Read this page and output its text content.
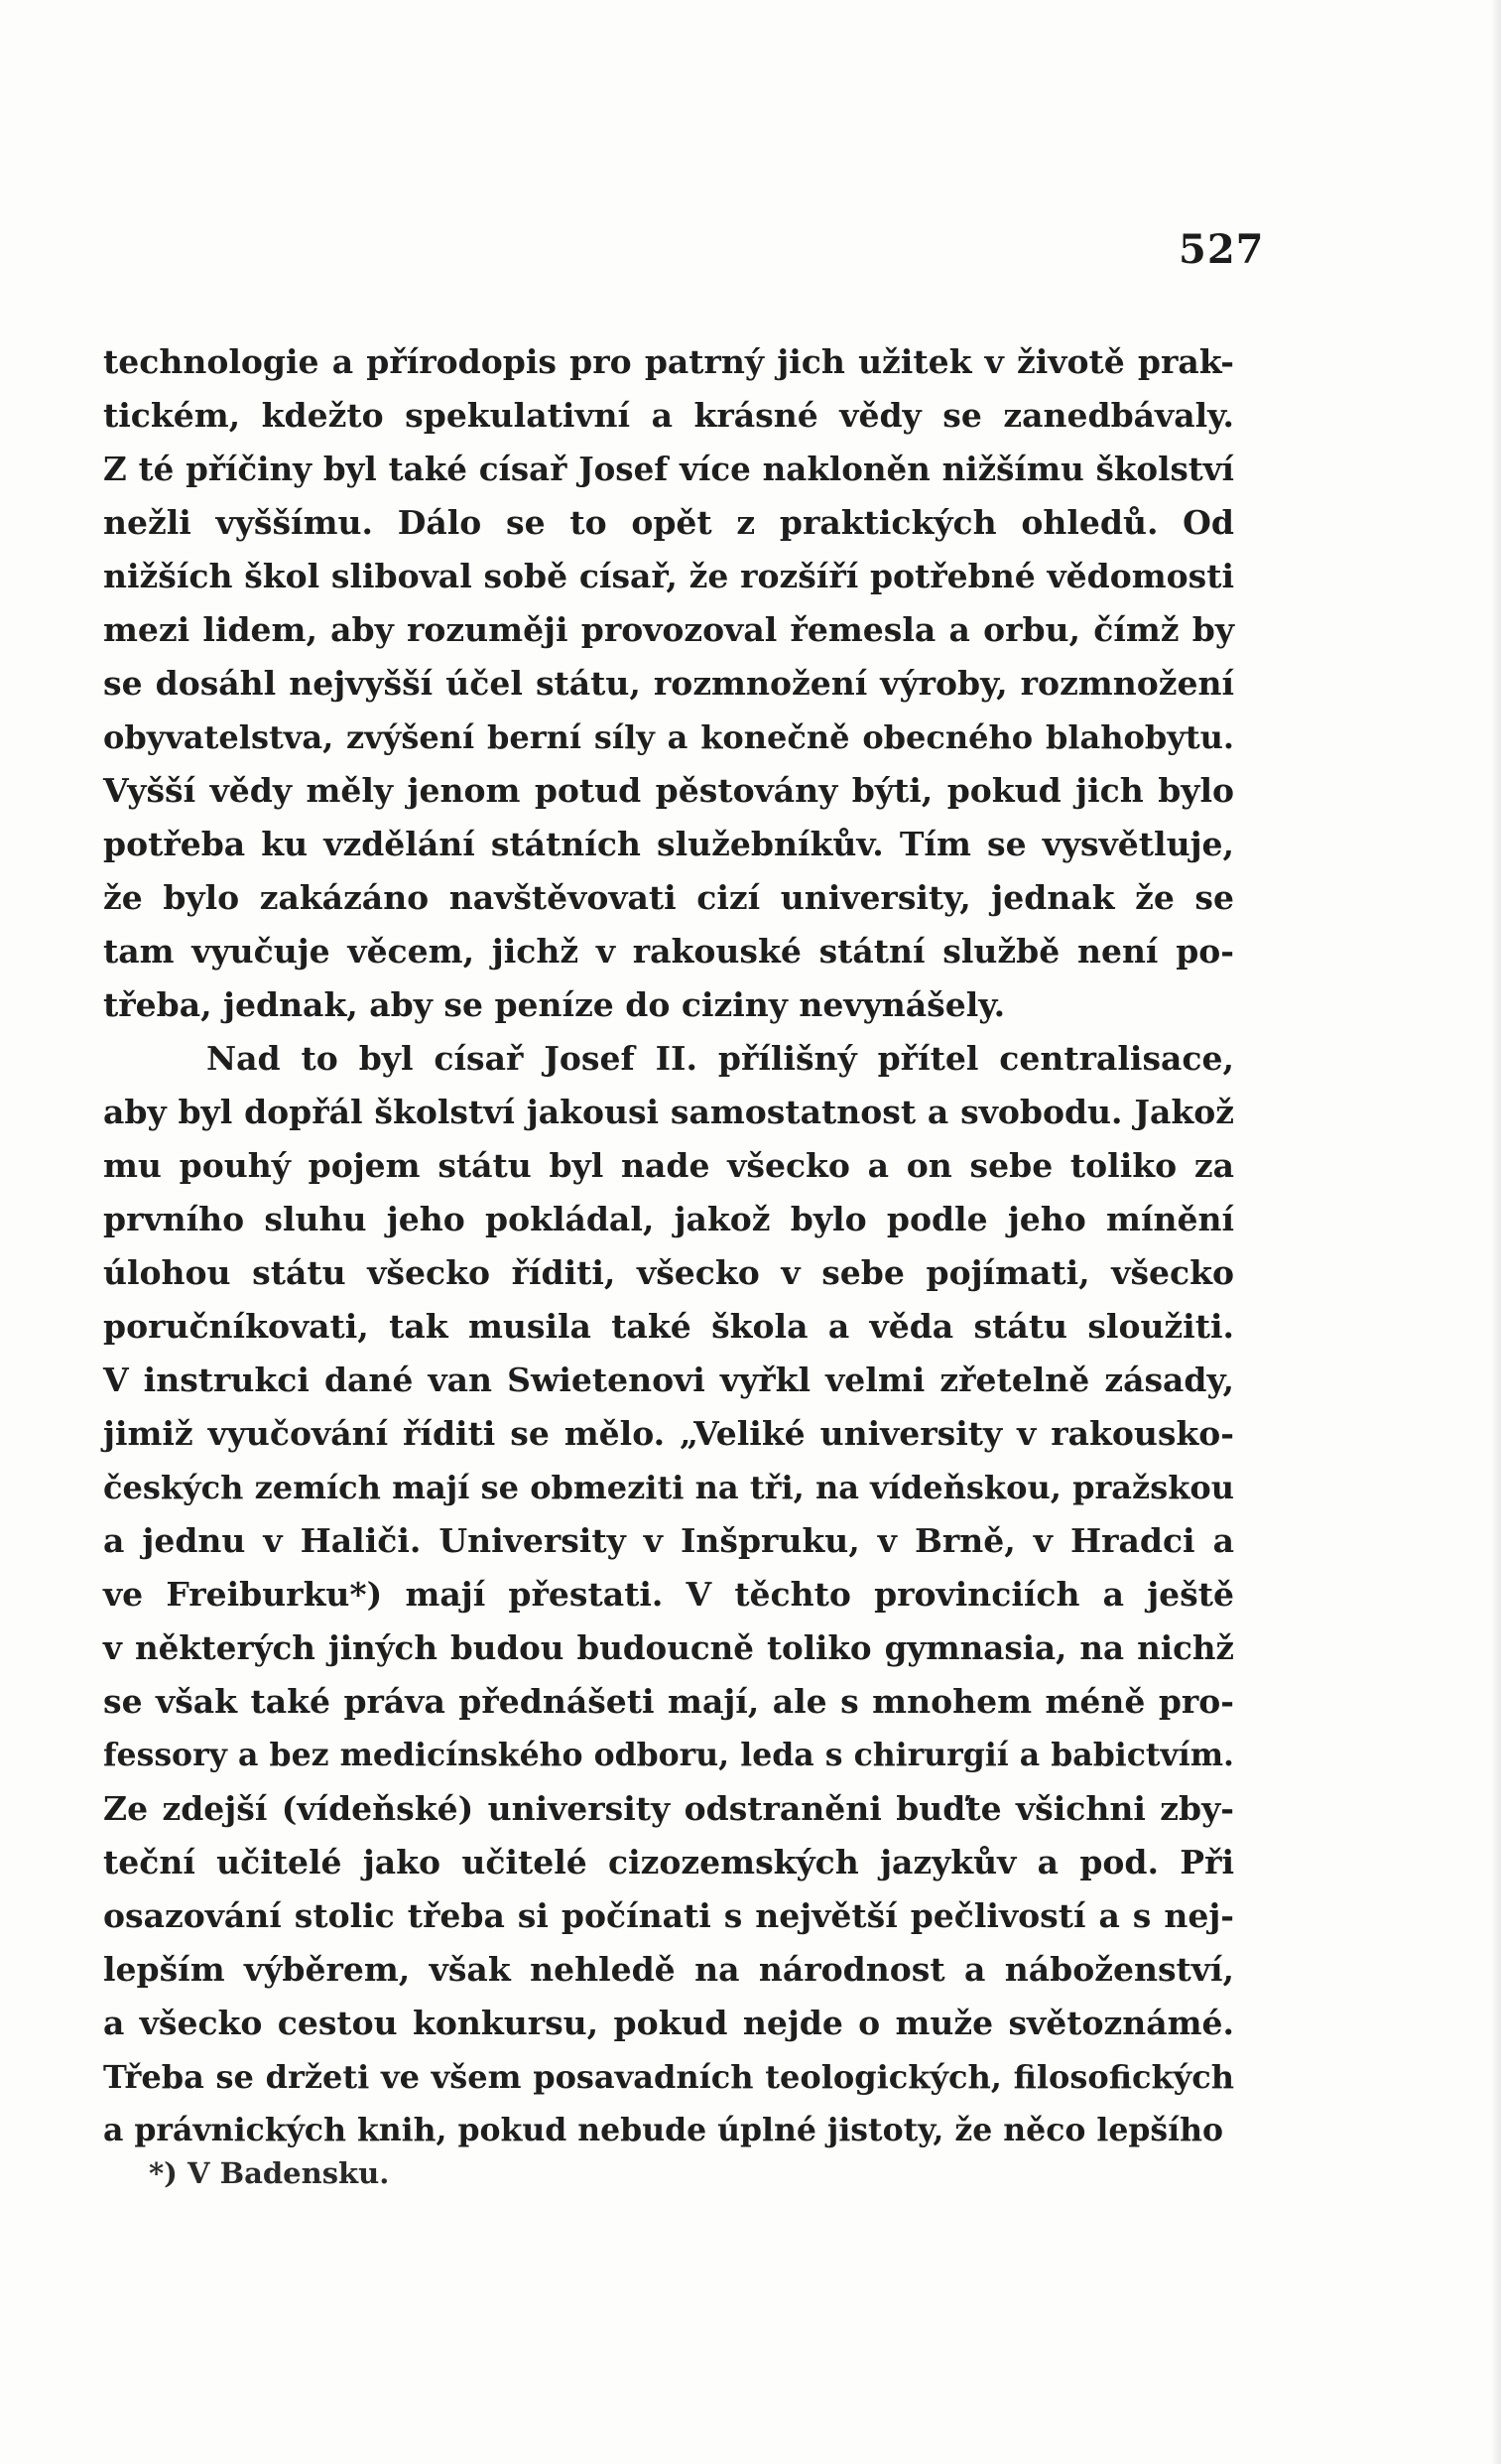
527
technologie a přírodopis pro patrný jich užitek v životě prak-
tickém, kdežto spekulativní a krásné vědy se zanedbávaly.
Z té příčiny byl také císař Josef více nakloněn nižšímu školství
nežli vyššímu. Dálo se to opět z praktických ohledů. Od
nižších škol sliboval sobě císař, že rozšíří potřebné vědomosti
mezi lidem, aby rozuměji provozoval řemesla a orbu, čímž by
se dosáhl nejvyšší účel státu, rozmnožení výroby, rozmnožení
obyvatelstva, zvýšení berní síly a konečně obecného blahobytu.
Vyšší vědy měly jenom potud pěstovány býti, pokud jich bylo
potřeba ku vzdělání státních služebníkův. Tím se vysvětluje,
že bylo zakázáno navštěvovati cizí university, jednak že se
tam vyučuje věcem, jichž v rakouské státní službě není po-
třeba, jednak, aby se peníze do ciziny nevynášely.
Nad to byl císař Josef II. přílišný přítel centralisace,
aby byl dopřál školství jakousi samostatnost a svobodu. Jakož
mu pouhý pojem státu byl nade všecko a on sebe toliko za
prvního sluhu jeho pokládal, jakož bylo podle jeho mínění
úlohou státu všecko říditi, všecko v sebe pojímati, všecko
poručníkovati, tak musila také škola a věda státu sloužiti.
V instrukci dané van Swietenovi vyřkl velmi zřetelně zásady,
jimiž vyučování říditi se mělo. „Veliké university v rakousko-
českých zemích mají se obmeziti na tři, na vídeňskou, pražskou
a jednu v Haliči. University v Inšpruku, v Brně, v Hradci a
ve Freiburku*) mají přestati. V těchto provinciích a ještě
v některých jiných budou budoucně toliko gymnasia, na nichž
se však také práva přednášeti mají, ale s mnohem méně pro-
fessory a bez medicínského odboru, leda s chirurgií a babictvím.
Ze zdejší (vídeňské) university odstraněni buďte všichni zby-
teční učitelé jako učitelé cizozemských jazykův a pod. Při
osazování stolic třeba si počínati s největší pečlivostí a s nej-
lepším výběrem, však nehledě na národnost a náboženství,
a všecko cestou konkursu, pokud nejde o muže světoznámé.
Třeba se držeti ve všem posavadních teologických, filosofických
a právnických knih, pokud nebude úplné jistoty, že něco lepšího
*) V Badensku.
